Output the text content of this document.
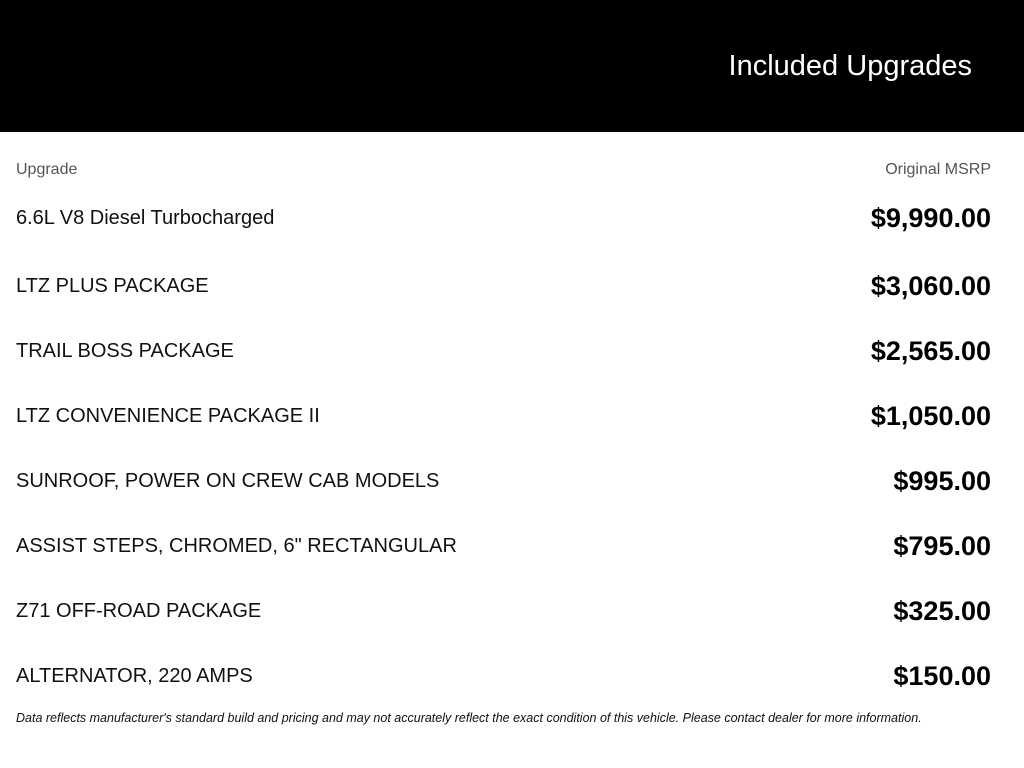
Included Upgrades
Upgrade	Original MSRP
6.6L V8 Diesel Turbocharged	$9,990.00
LTZ PLUS PACKAGE	$3,060.00
TRAIL BOSS PACKAGE	$2,565.00
LTZ CONVENIENCE PACKAGE II	$1,050.00
SUNROOF, POWER ON CREW CAB MODELS	$995.00
ASSIST STEPS, CHROMED, 6" RECTANGULAR	$795.00
Z71 OFF-ROAD PACKAGE	$325.00
ALTERNATOR, 220 AMPS	$150.00
Data reflects manufacturer's standard build and pricing and may not accurately reflect the exact condition of this vehicle. Please contact dealer for more information.
